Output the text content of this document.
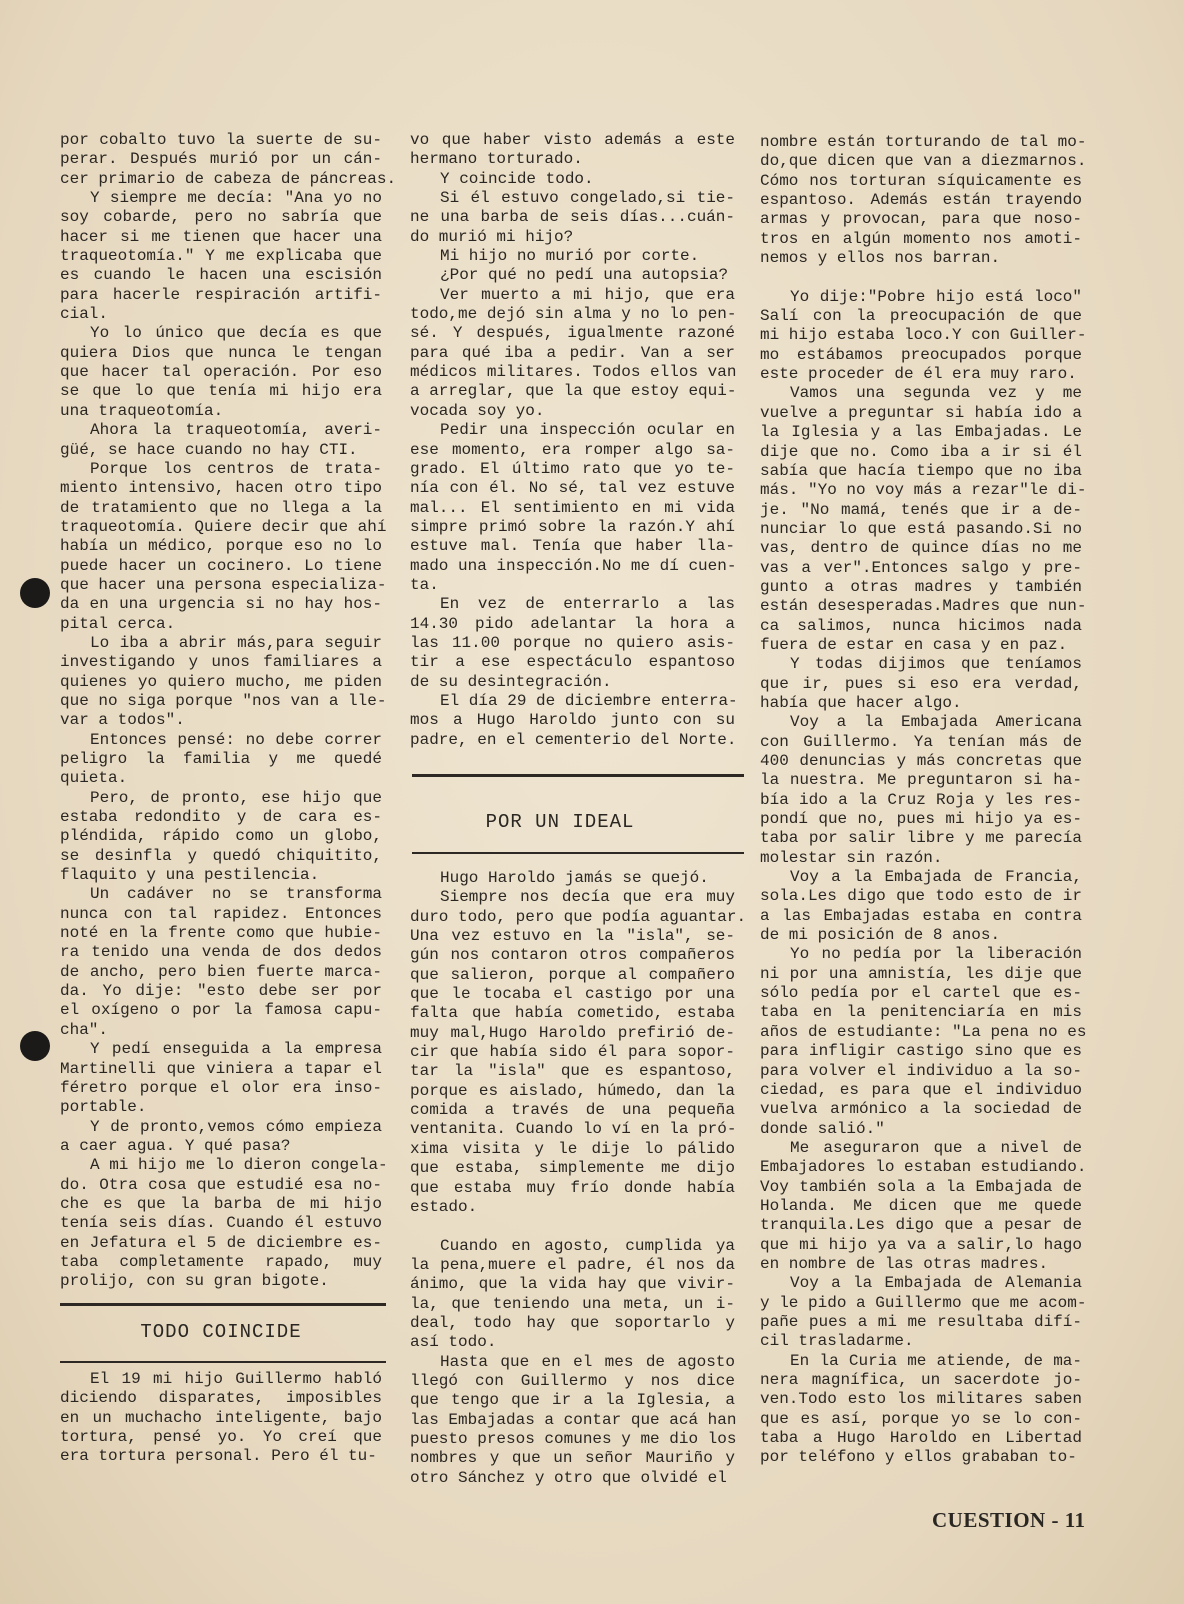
por cobalto tuvo la suerte de su-
perar. Después murió por un cán-
cer primario de cabeza de páncreas.
Y siempre me decía: "Ana yo no
soy cobarde, pero no sabría que
hacer si me tienen que hacer una
traqueotomía." Y me explicaba que
es cuando le hacen una escisión
para hacerle respiración artifi-
cial.
Yo lo único que decía es que
quiera Dios que nunca le tengan
que hacer tal operación. Por eso
se que lo que tenía mi hijo era
una traqueotomía.
Ahora la traqueotomía, averi-
güé, se hace cuando no hay CTI.
Porque los centros de trata-
miento intensivo, hacen otro tipo
de tratamiento que no llega a la
traqueotomía. Quiere decir que ahí
había un médico, porque eso no lo
puede hacer un cocinero. Lo tiene
que hacer una persona especializa-
da en una urgencia si no hay hos-
pital cerca.
Lo iba a abrir más,para seguir
investigando y unos familiares a
quienes yo quiero mucho, me piden
que no siga porque "nos van a lle-
var a todos".
Entonces pensé: no debe correr
peligro la familia y me quedé
quieta.
Pero, de pronto, ese hijo que
estaba redondito y de cara es-
pléndida, rápido como un globo,
se desinfla y quedó chiquitito,
flaquito y una pestilencia.
Un cadáver no se transforma
nunca con tal rapidez. Entonces
noté en la frente como que hubie-
ra tenido una venda de dos dedos
de ancho, pero bien fuerte marca-
da. Yo dije: "esto debe ser por
el oxígeno o por la famosa capu-
cha".
Y pedí enseguida a la empresa
Martinelli que viniera a tapar el
féretro porque el olor era inso-
portable.
Y de pronto,vemos cómo empieza
a caer agua. Y qué pasa?
A mi hijo me lo dieron congela-
do. Otra cosa que estudié esa no-
che es que la barba de mi hijo
tenía seis días. Cuando él estuvo
en Jefatura el 5 de diciembre es-
taba completamente rapado, muy
prolijo, con su gran bigote.
TODO COINCIDE
El 19 mi hijo Guillermo habló
diciendo disparates, imposibles
en un muchacho inteligente, bajo
tortura, pensé yo. Yo creí que
era tortura personal. Pero él tu-
vo que haber visto además a este
hermano torturado.
Y coincide todo.
Si él estuvo congelado,si tie-
ne una barba de seis días...cuán-
do murió mi hijo?
Mi hijo no murió por corte.
¿Por qué no pedí una autopsia?
Ver muerto a mi hijo, que era
todo,me dejó sin alma y no lo pen-
sé. Y después, igualmente razoné
para qué iba a pedir. Van a ser
médicos militares. Todos ellos van
a arreglar, que la que estoy equi-
vocada soy yo.
Pedir una inspección ocular en
ese momento, era romper algo sa-
grado. El último rato que yo te-
nía con él. No sé, tal vez estuve
mal... El sentimiento en mi vida
simpre primó sobre la razón.Y ahí
estuve mal. Tenía que haber lla-
mado una inspección.No me dí cuen-
ta.
En vez de enterrarlo a las
14.30 pido adelantar la hora a
las 11.00 porque no quiero asis-
tir a ese espectáculo espantoso
de su desintegración.
El día 29 de diciembre enterra-
mos a Hugo Haroldo junto con su
padre, en el cementerio del Norte.
POR UN IDEAL
Hugo Haroldo jamás se quejó.
Siempre nos decía que era muy
duro todo, pero que podía aguantar.
Una vez estuvo en la "isla", se-
gún nos contaron otros compañeros
que salieron, porque al compañero
que le tocaba el castigo por una
falta que había cometido, estaba
muy mal,Hugo Haroldo prefirió de-
cir que había sido él para sopor-
tar la "isla" que es espantoso,
porque es aislado, húmedo, dan la
comida a través de una pequeña
ventanita. Cuando lo ví en la pró-
xima visita y le dije lo pálido
que estaba, simplemente me dijo
que estaba muy frío donde había
estado.

Cuando en agosto, cumplida ya
la pena,muere el padre, él nos da
ánimo, que la vida hay que vivir-
la, que teniendo una meta, un i-
deal, todo hay que soportarlo y
así todo.
Hasta que en el mes de agosto
llegó con Guillermo y nos dice
que tengo que ir a la Iglesia, a
las Embajadas a contar que acá han
puesto presos comunes y me dio los
nombres y que un señor Mauriño y
otro Sánchez y otro que olvidé el
nombre están torturando de tal mo-
do,que dicen que van a diezmarnos.
Cómo nos torturan síquicamente es
espantoso. Además están trayendo
armas y provocan, para que noso-
tros en algún momento nos amoti-
nemos y ellos nos barran.

Yo dije:"Pobre hijo está loco"
Salí con la preocupación de que
mi hijo estaba loco.Y con Guiller-
mo estábamos preocupados porque
este proceder de él era muy raro.
Vamos una segunda vez y me
vuelve a preguntar si había ido a
la Iglesia y a las Embajadas. Le
dije que no. Como iba a ir si él
sabía que hacía tiempo que no iba
más. "Yo no voy más a rezar"le di-
je. "No mamá, tenés que ir a de-
nunciar lo que está pasando.Si no
vas, dentro de quince días no me
vas a ver".Entonces salgo y pre-
gunto a otras madres y también
están desesperadas.Madres que nun-
ca salimos, nunca hicimos nada
fuera de estar en casa y en paz.
Y todas dijimos que teníamos
que ir, pues si eso era verdad,
había que hacer algo.
Voy a la Embajada Americana
con Guillermo. Ya tenían más de
400 denuncias y más concretas que
la nuestra. Me preguntaron si ha-
bía ido a la Cruz Roja y les res-
pondí que no, pues mi hijo ya es-
taba por salir libre y me parecía
molestar sin razón.
Voy a la Embajada de Francia,
sola.Les digo que todo esto de ir
a las Embajadas estaba en contra
de mi posición de 8 anos.
Yo no pedía por la liberación
ni por una amnistía, les dije que
sólo pedía por el cartel que es-
taba en la penitenciaría en mis
años de estudiante: "La pena no es
para infligir castigo sino que es
para volver el individuo a la so-
ciedad, es para que el individuo
vuelva armónico a la sociedad de
donde salió."
Me aseguraron que a nivel de
Embajadores lo estaban estudiando.
Voy también sola a la Embajada de
Holanda. Me dicen que me quede
tranquila.Les digo que a pesar de
que mi hijo ya va a salir,lo hago
en nombre de las otras madres.
Voy a la Embajada de Alemania
y le pido a Guillermo que me acom-
pañe pues a mi me resultaba difí-
cil trasladarme.
En la Curia me atiende, de ma-
nera magnífica, un sacerdote jo-
ven.Todo esto los militares saben
que es así, porque yo se lo con-
taba a Hugo Haroldo en Libertad
por teléfono y ellos grababan to-
CUESTION - 11
